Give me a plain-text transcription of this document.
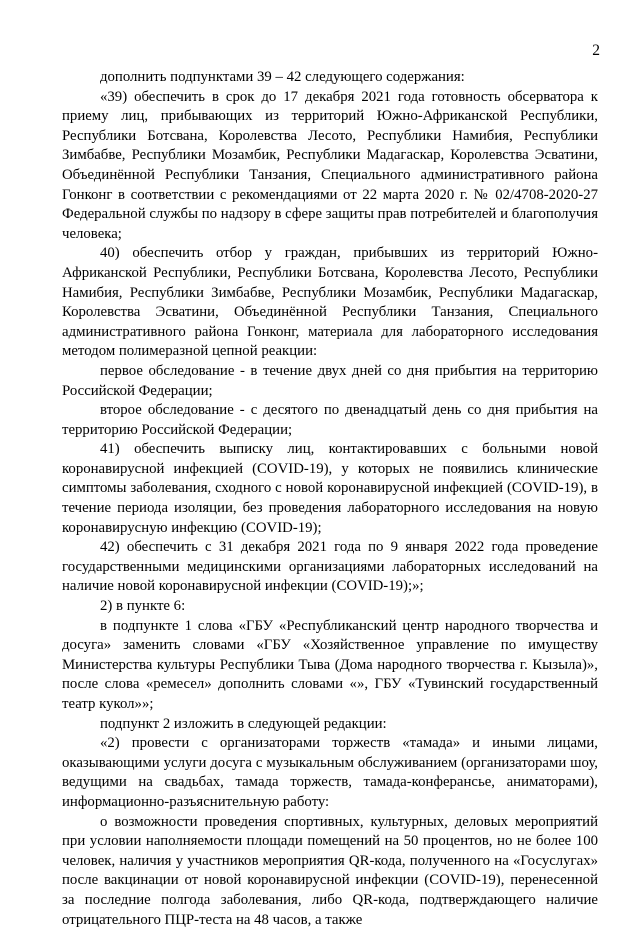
2

дополнить подпунктами 39 – 42 следующего содержания:

«39) обеспечить в срок до 17 декабря 2021 года готовность обсерватора к приему лиц, прибывающих из территорий Южно-Африканской Республики, Республики Ботсвана, Королевства Лесото, Республики Намибия, Республики Зимбабве, Республики Мозамбик, Республики Мадагаскар, Королевства Эсватини, Объединённой Республики Танзания, Специального административного района Гонконг в соответствии с рекомендациями от 22 марта 2020 г. № 02/4708-2020-27 Федеральной службы по надзору в сфере защиты прав потребителей и благополучия человека;

40) обеспечить отбор у граждан, прибывших из территорий Южно-Африканской Республики, Республики Ботсвана, Королевства Лесото, Республики Намибия, Республики Зимбабве, Республики Мозамбик, Республики Мадагаскар, Королевства Эсватини, Объединённой Республики Танзания, Специального административного района Гонконг, материала для лабораторного исследования методом полимеразной цепной реакции:

первое обследование - в течение двух дней со дня прибытия на территорию Российской Федерации;

второе обследование - с десятого по двенадцатый день со дня прибытия на территорию Российской Федерации;

41) обеспечить выписку лиц, контактировавших с больными новой коронавирусной инфекцией (COVID-19), у которых не появились клинические симптомы заболевания, сходного с новой коронавирусной инфекцией (COVID-19), в течение периода изоляции, без проведения лабораторного исследования на новую коронавирусную инфекцию (COVID-19);

42) обеспечить с 31 декабря 2021 года по 9 января 2022 года проведение государственными медицинскими организациями лабораторных исследований на наличие новой коронавирусной инфекции (COVID-19);»;

2) в пункте 6:

в подпункте 1 слова «ГБУ «Республиканский центр народного творчества и досуга» заменить словами «ГБУ «Хозяйственное управление по имуществу Министерства культуры Республики Тыва (Дома народного творчества г. Кызыла)», после слова «ремесел» дополнить словами «», ГБУ «Тувинский государственный театр кукол»»;

подпункт 2 изложить в следующей редакции:

«2) провести с организаторами торжеств «тамада» и иными лицами, оказывающими услуги досуга с музыкальным обслуживанием (организаторами шоу, ведущими на свадьбах, тамада торжеств, тамада-конферансье, аниматорами), информационно-разъяснительную работу:

о возможности проведения спортивных, культурных, деловых мероприятий при условии наполняемости площади помещений на 50 процентов, но не более 100 человек, наличия у участников мероприятия QR-кода, полученного на «Госуслугах» после вакцинации от новой коронавирусной инфекции (COVID-19), перенесенной за последние полгода заболевания, либо QR-кода, подтверждающего наличие отрицательного ПЦР-теста на 48 часов, а также
